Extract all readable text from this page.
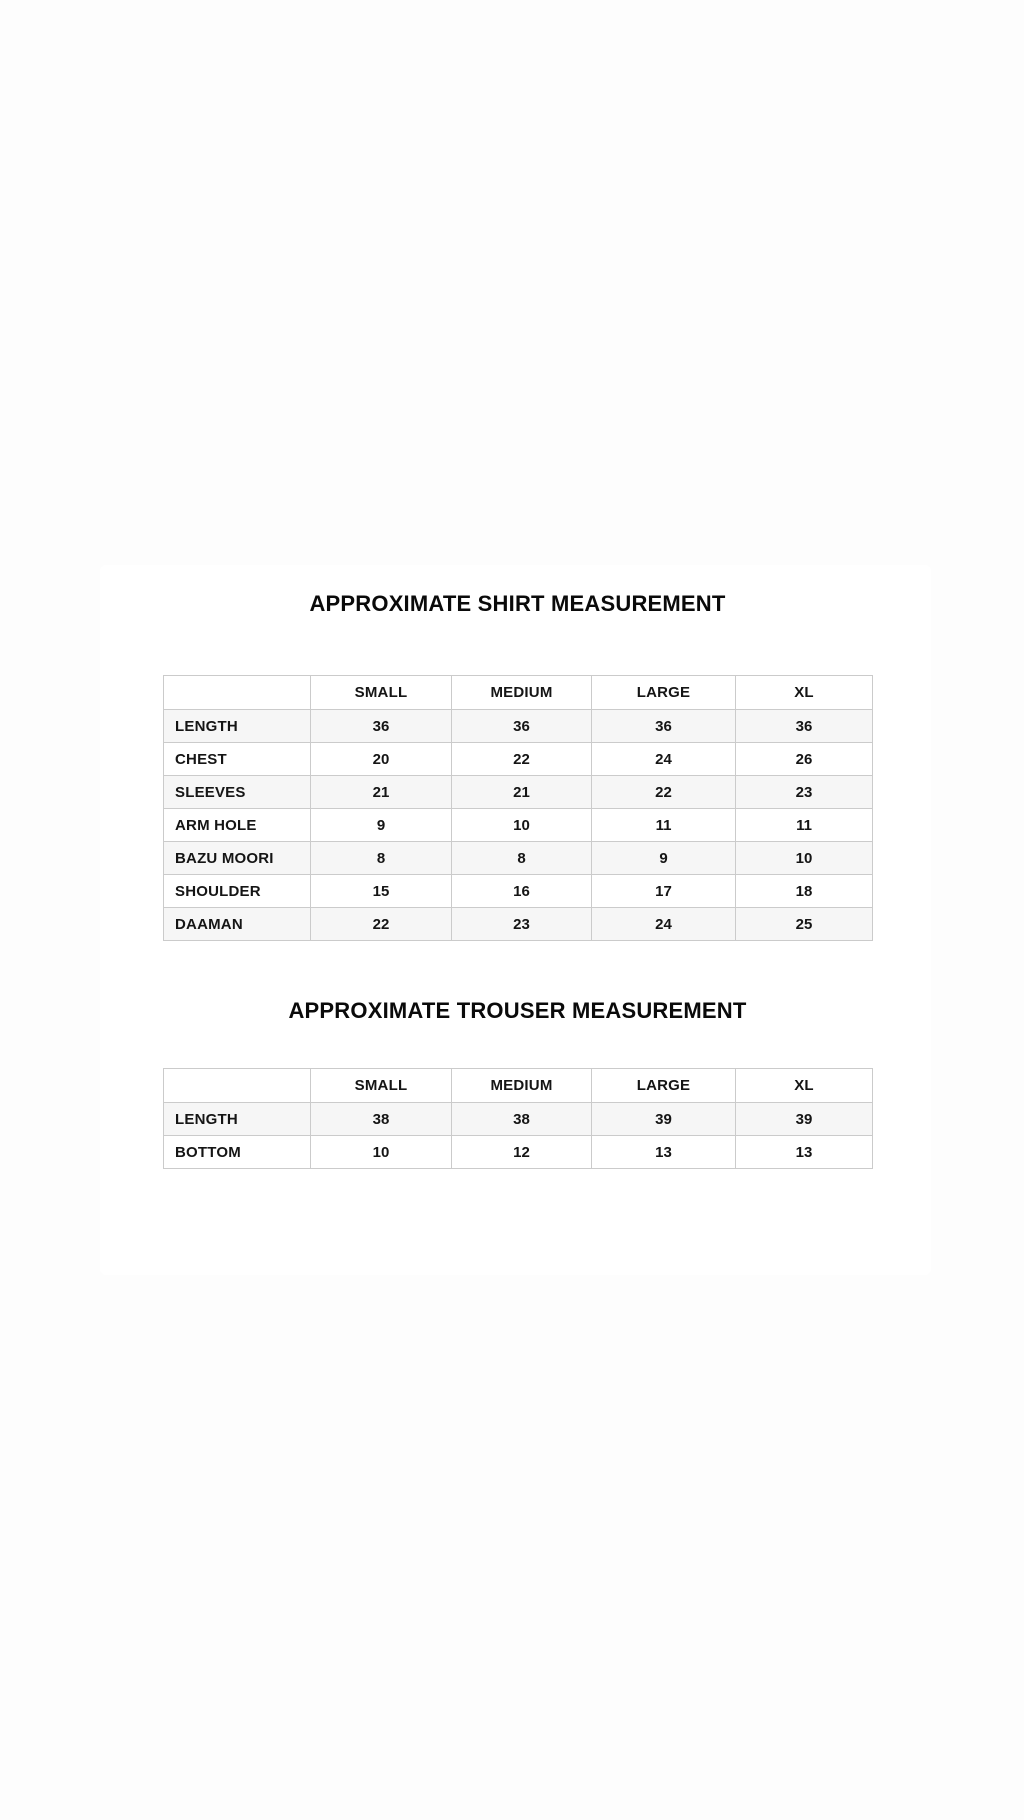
APPROXIMATE SHIRT MEASUREMENT
	SMALL	MEDIUM	LARGE	XL
LENGTH	36	36	36	36
CHEST	20	22	24	26
SLEEVES	21	21	22	23
ARM HOLE	9	10	11	11
BAZU MOORI	8	8	9	10
SHOULDER	15	16	17	18
DAAMAN	22	23	24	25
APPROXIMATE TROUSER MEASUREMENT
	SMALL	MEDIUM	LARGE	XL
LENGTH	38	38	39	39
BOTTOM	10	12	13	13
